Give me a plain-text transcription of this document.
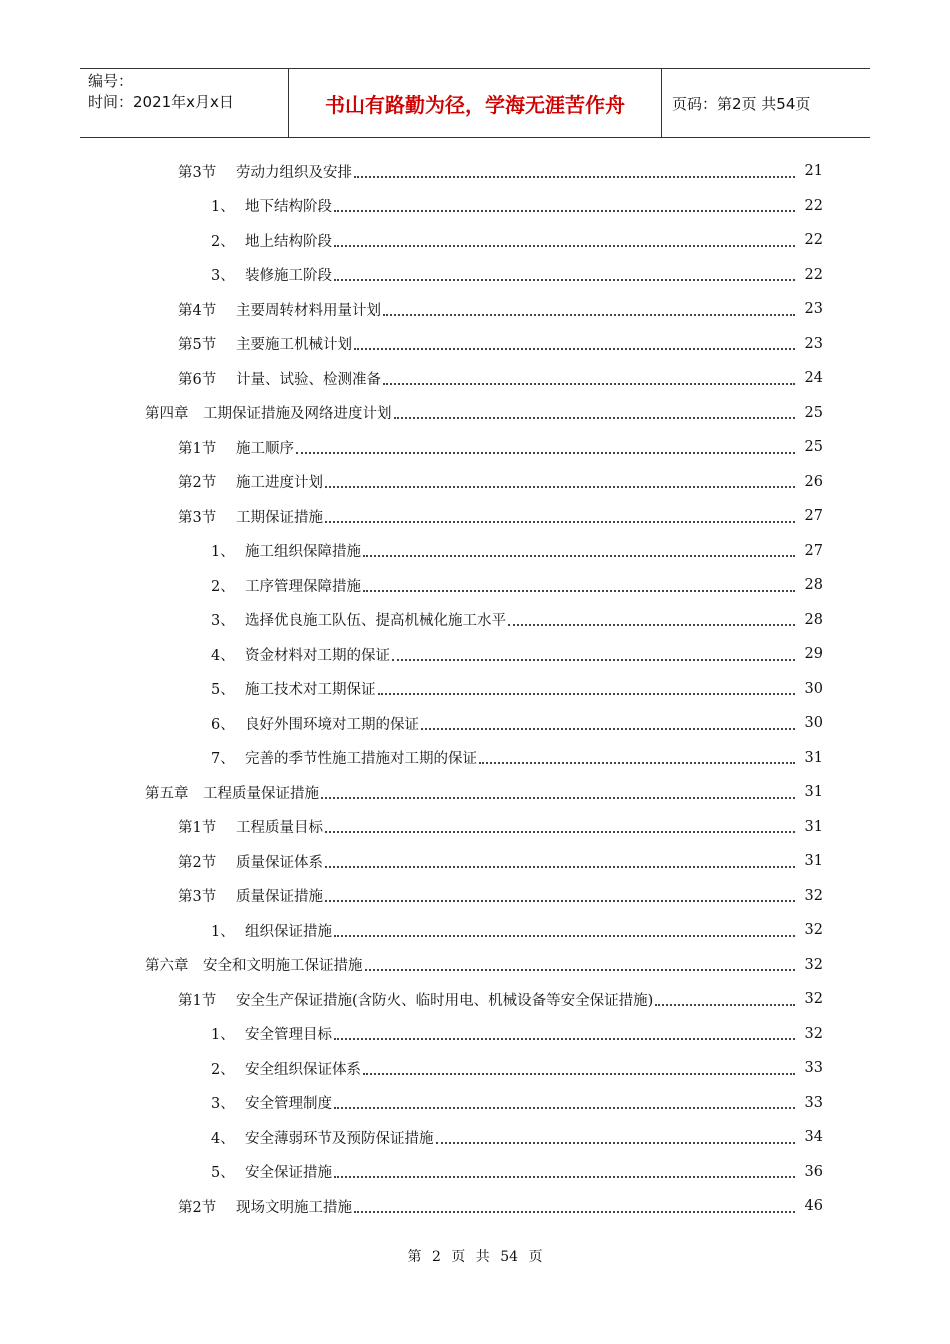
编号：
时间：2021年x月x日	书山有路勤为径，学海无涯苦作舟	页码：第2页 共54页
第3节 劳动力组织及安排	21
1、 地下结构阶段	22
2、 地上结构阶段	22
3、 装修施工阶段	22
第4节 主要周转材料用量计划	23
第5节 主要施工机械计划	23
第6节 计量、试验、检测准备	24
第四章 工期保证措施及网络进度计划	25
第1节 施工顺序	25
第2节 施工进度计划	26
第3节 工期保证措施	27
1、 施工组织保障措施	27
2、 工序管理保障措施	28
3、 选择优良施工队伍、提高机械化施工水平	28
4、 资金材料对工期的保证	29
5、 施工技术对工期保证	30
6、 良好外围环境对工期的保证	30
7、 完善的季节性施工措施对工期的保证	31
第五章 工程质量保证措施	31
第1节 工程质量目标	31
第2节 质量保证体系	31
第3节 质量保证措施	32
1、 组织保证措施	32
第六章 安全和文明施工保证措施	32
第1节 安全生产保证措施(含防火、临时用电、机械设备等安全保证措施)	32
1、 安全管理目标	32
2、 安全组织保证体系	33
3、 安全管理制度	33
4、 安全薄弱环节及预防保证措施	34
5、 安全保证措施	36
第2节 现场文明施工措施	46
第 2 页 共 54 页
